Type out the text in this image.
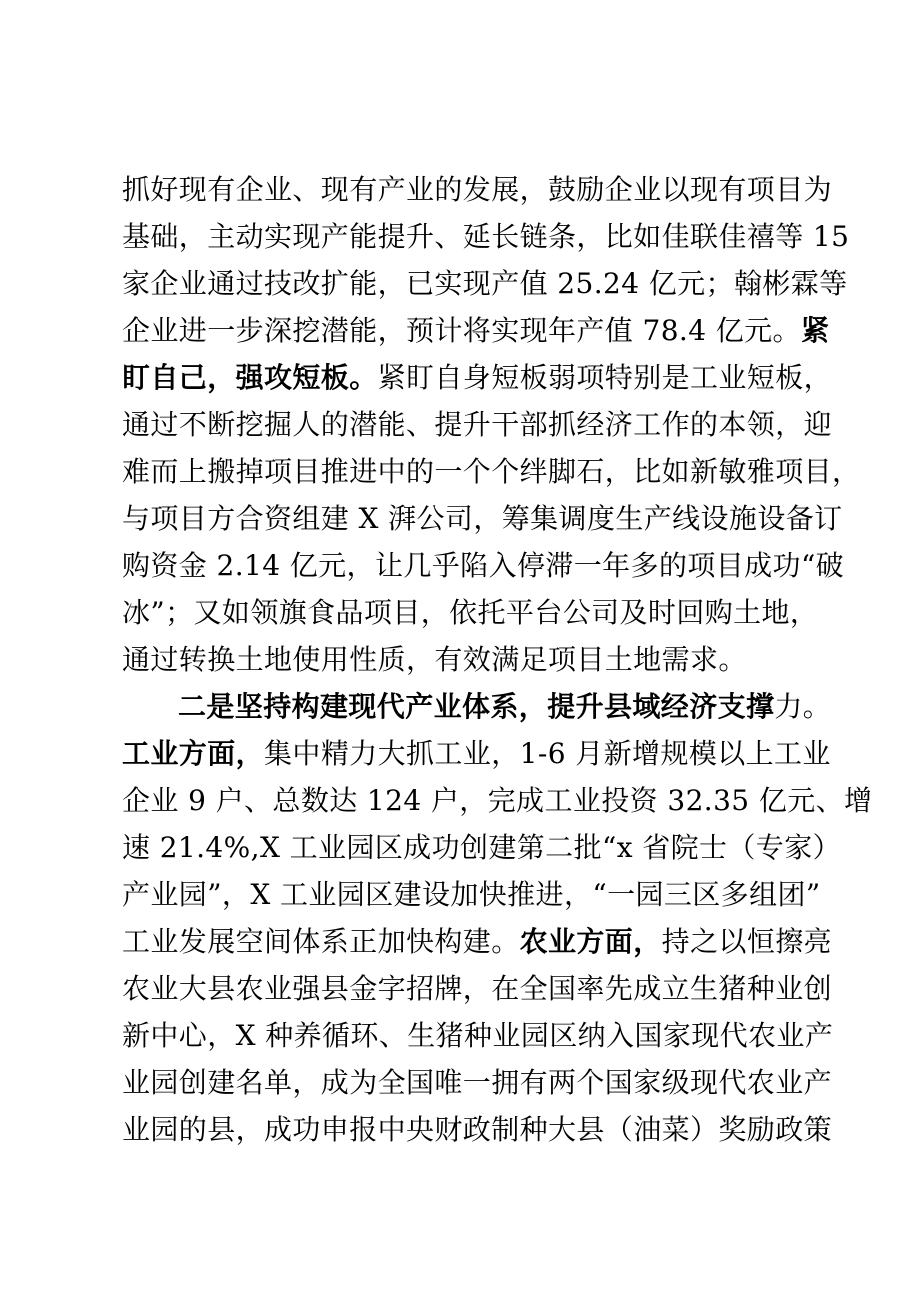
抓好现有企业、现有产业的发展，鼓励企业以现有项目为
基础，主动实现产能提升、延长链条，比如佳联佳禧等 15
家企业通过技改扩能，已实现产值 25.24 亿元；翰彬霖等
企业进一步深挖潜能，预计将实现年产值 78.4 亿元。紧
盯自己，强攻短板。紧盯自身短板弱项特别是工业短板，
通过不断挖掘人的潜能、提升干部抓经济工作的本领，迎
难而上搬掉项目推进中的一个个绊脚石，比如新敏雅项目，
与项目方合资组建 X 湃公司，筹集调度生产线设施设备订
购资金 2.14 亿元，让几乎陷入停滞一年多的项目成功“破
冰”；又如领旗食品项目，依托平台公司及时回购土地，
通过转换土地使用性质，有效满足项目土地需求。
二是坚持构建现代产业体系，提升县域经济支撑力。
工业方面，集中精力大抓工业，1-6 月新增规模以上工业
企业 9 户、总数达 124 户，完成工业投资 32.35 亿元、增
速 21.4%,X 工业园区成功创建第二批“x 省院士（专家）
产业园”，X 工业园区建设加快推进，“一园三区多组团”
工业发展空间体系正加快构建。农业方面，持之以恒擦亮
农业大县农业强县金字招牌，在全国率先成立生猪种业创
新中心，X 种养循环、生猪种业园区纳入国家现代农业产
业园创建名单，成为全国唯一拥有两个国家级现代农业产
业园的县，成功申报中央财政制种大县（油菜）奖励政策
